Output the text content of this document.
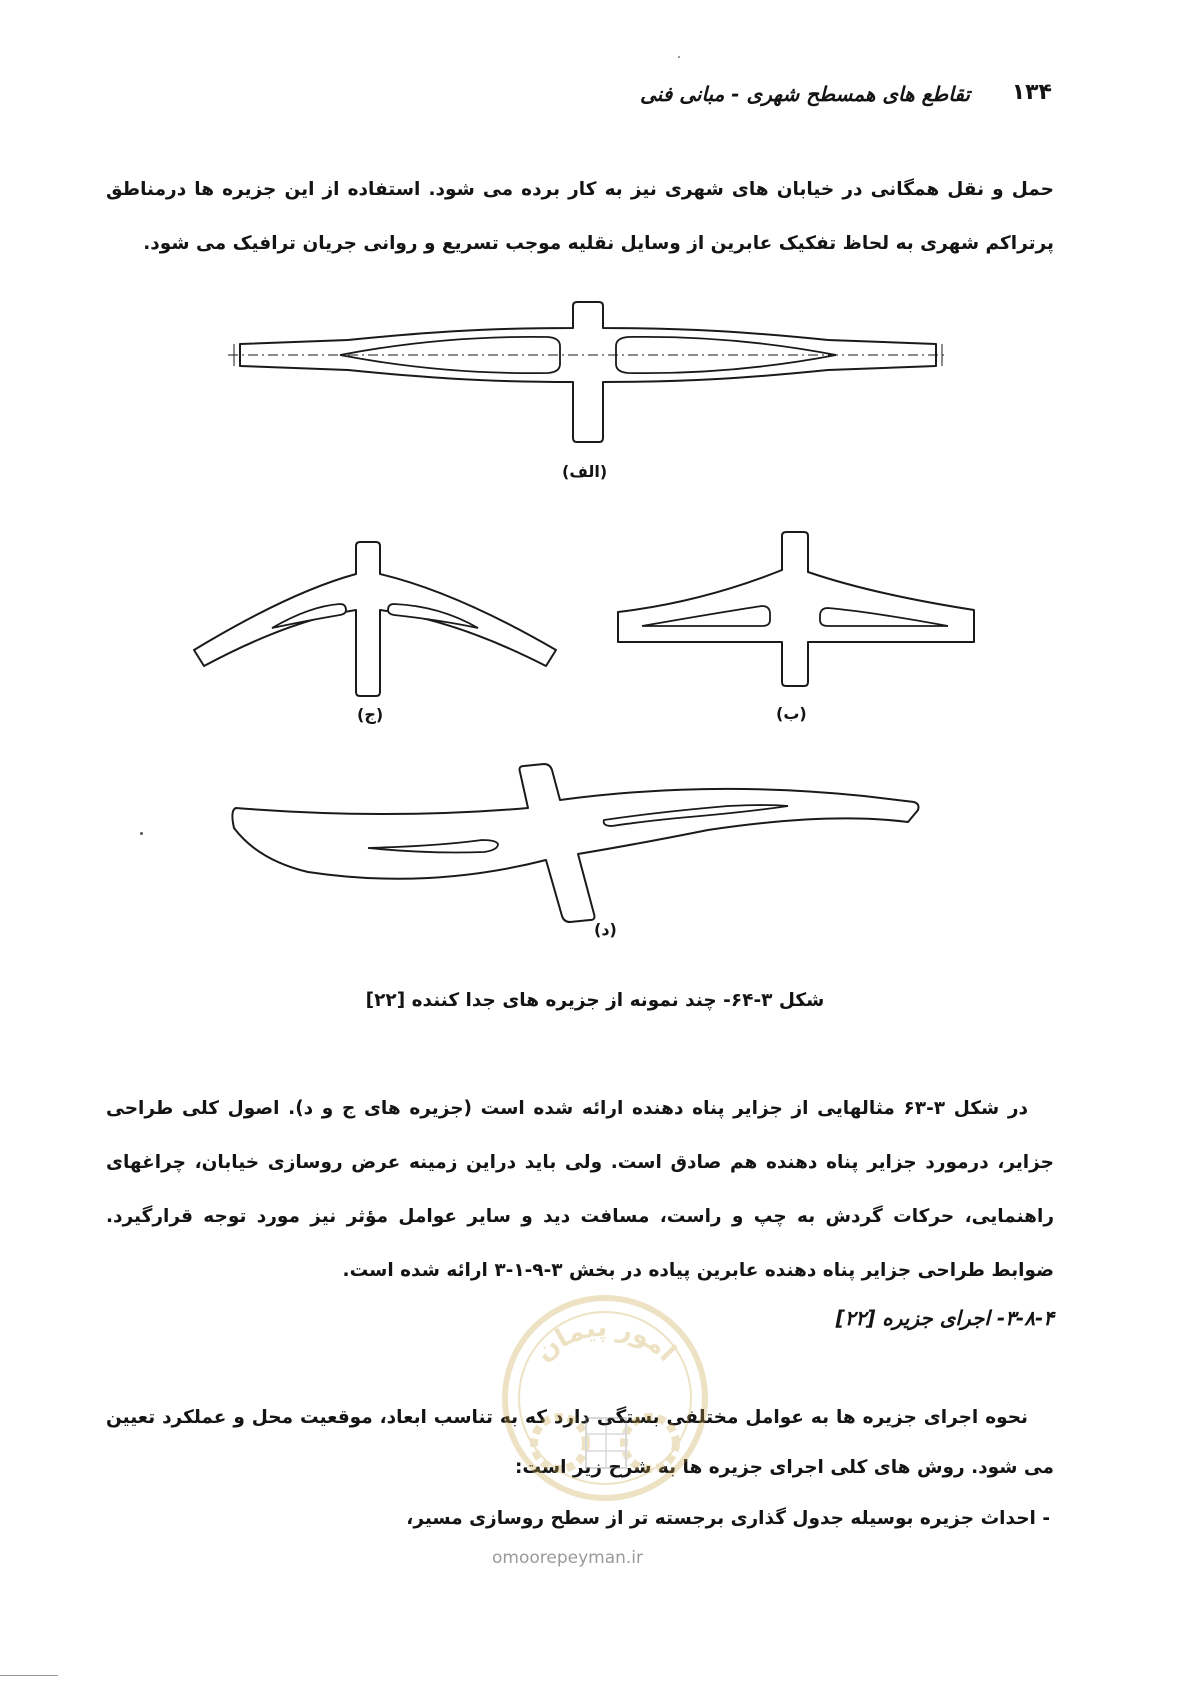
۱۳۴
تقاطع های همسطح شهری - مبانی فنی
حمل و نقل همگانی در خیابان های شهری نیز به کار برده می شود. استفاده از این جزیره ها درمناطق پرتراکم شهری به لحاظ تفکیک عابرین از وسایل نقلیه موجب تسریع و روانی جریان ترافیک می شود.
(الف)
(ج)	(ب)
(د)
شکل ۳-۶۴- چند نمونه از جزیره های جدا کننده [۲۲]
در شکل ۳-۶۳ مثالهایی از جزایر پناه دهنده ارائه شده است (جزیره های ج و د). اصول کلی طراحی جزایر، درمورد جزایر پناه دهنده هم صادق است. ولی باید دراین زمینه عرض روسازی خیابان، چراغهای راهنمایی، حرکات گردش به چپ و راست، مسافت دید و سایر عوامل مؤثر نیز مورد توجه قرارگیرد. ضوابط طراحی جزایر پناه دهنده عابرین پیاده در بخش ۳-۹-۱-۳ ارائه شده است.
۳-۸-۴- اجرای جزیره [۲۲]
نحوه اجرای جزیره ها به عوامل مختلفی بستگی دارد که به تناسب ابعاد، موقعیت محل و عملکرد تعیین می شود. روش های کلی اجرای جزیره ها به شرح زیر است:
- احداث جزیره بوسیله جدول گذاری برجسته تر از سطح روسازی مسیر،
امور پیمان
omoorepeyman.ir
